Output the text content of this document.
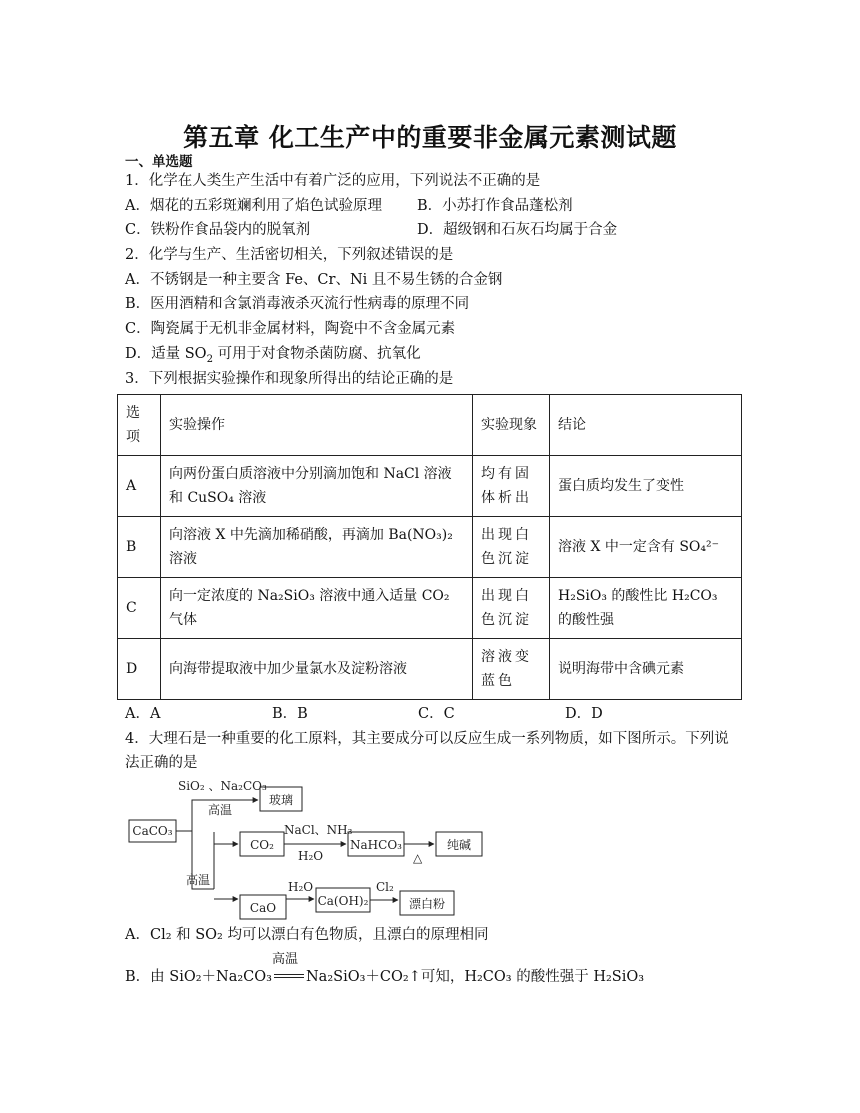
第五章 化工生产中的重要非金属元素测试题
一、单选题
1．化学在人类生产生活中有着广泛的应用，下列说法不正确的是
A．烟花的五彩斑斓利用了焰色试验原理 B．小苏打作食品蓬松剂
C．铁粉作食品袋内的脱氧剂	D．超级钢和石灰石均属于合金
2．化学与生产、生活密切相关，下列叙述错误的是
A．不锈钢是一种主要含 Fe、Cr、Ni 且不易生锈的合金钢
B．医用酒精和含氯消毒液杀灭流行性病毒的原理不同
C．陶瓷属于无机非金属材料，陶瓷中不含金属元素
D．适量 $SO_2$ 可用于对食物杀菌防腐、抗氧化
3．下列根据实验操作和现象所得出的结论正确的是
选项	实验操作	实验现象	结论
A	向两份蛋白质溶液中分别滴加饱和 NaCl 溶液和 CuSO₄ 溶液	均有固体析出	蛋白质均发生了变性
B	向溶液 X 中先滴加稀硝酸，再滴加 Ba(NO₃)₂ 溶液	出现白色沉淀	溶液 X 中一定含有 SO₄²⁻
C	向一定浓度的 Na₂SiO₃ 溶液中通入适量 CO₂ 气体	出现白色沉淀	H₂SiO₃ 的酸性比 H₂CO₃ 的酸性强
D	向海带提取液中加少量氯水及淀粉溶液	溶液变蓝色	说明海带中含碘元素
A．A	B．B	C．C	D．D
4．大理石是一种重要的化工原料，其主要成分可以反应生成一系列物质，如下图所示。下列说
法正确的是
CaCO₃
SiO₂ 、Na₂CO₃
高温
玻璃
高温
CO₂
NaCl、NH₃
H₂O
NaHCO₃
△
纯碱
CaO
H₂O
Ca(OH)₂
Cl₂
漂白粉
A．Cl₂ 和 SO₂ 均可以漂白有色物质，且漂白的原理相同
B．由 SiO₂＋Na₂CO₃
高温
Na₂SiO₃＋CO₂↑可知，H₂CO₃ 的酸性强于 H₂SiO₃
